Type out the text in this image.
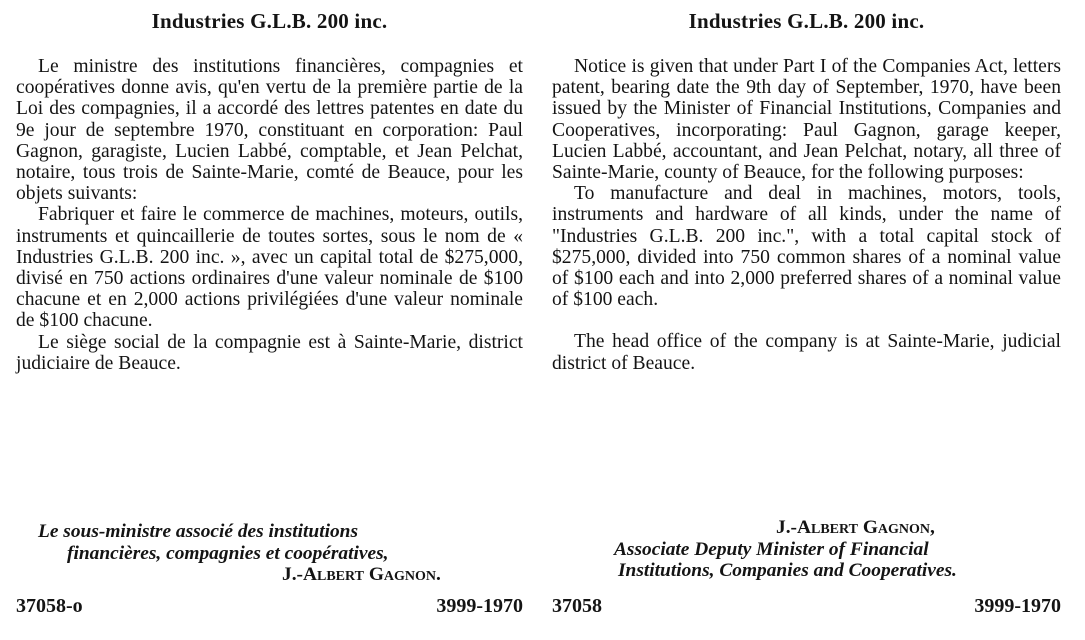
Industries G.L.B. 200 inc.

Le ministre des institutions financières, compagnies et coopératives donne avis, qu'en vertu de la première partie de la Loi des compagnies, il a accordé des lettres patentes en date du 9e jour de septembre 1970, constituant en corporation: Paul Gagnon, garagiste, Lucien Labbé, comptable, et Jean Pelchat, notaire, tous trois de Sainte-Marie, comté de Beauce, pour les objets suivants:

Fabriquer et faire le commerce de machines, moteurs, outils, instruments et quincaillerie de toutes sortes, sous le nom de « Industries G.L.B. 200 inc. », avec un capital total de $275,000, divisé en 750 actions ordinaires d'une valeur nominale de $100 chacune et en 2,000 actions privilégiées d'une valeur nominale de $100 chacune.

Le siège social de la compagnie est à Sainte-Marie, district judiciaire de Beauce.

Le sous-ministre associé des institutions
financières, compagnies et coopératives,
J.-Albert Gagnon.
37058-o	3999-1970
Industries G.L.B. 200 inc.

Notice is given that under Part I of the Companies Act, letters patent, bearing date the 9th day of September, 1970, have been issued by the Minister of Financial Institutions, Companies and Cooperatives, incorporating: Paul Gagnon, garage keeper, Lucien Labbé, accountant, and Jean Pelchat, notary, all three of Sainte-Marie, county of Beauce, for the following purposes:

To manufacture and deal in machines, motors, tools, instruments and hardware of all kinds, under the name of "Industries G.L.B. 200 inc.", with a total capital stock of $275,000, divided into 750 common shares of a nominal value of $100 each and into 2,000 preferred shares of a nominal value of $100 each.

The head office of the company is at Sainte-Marie, judicial district of Beauce.

J.-Albert Gagnon,
Associate Deputy Minister of Financial
Institutions, Companies and Cooperatives.
37058	3999-1970
